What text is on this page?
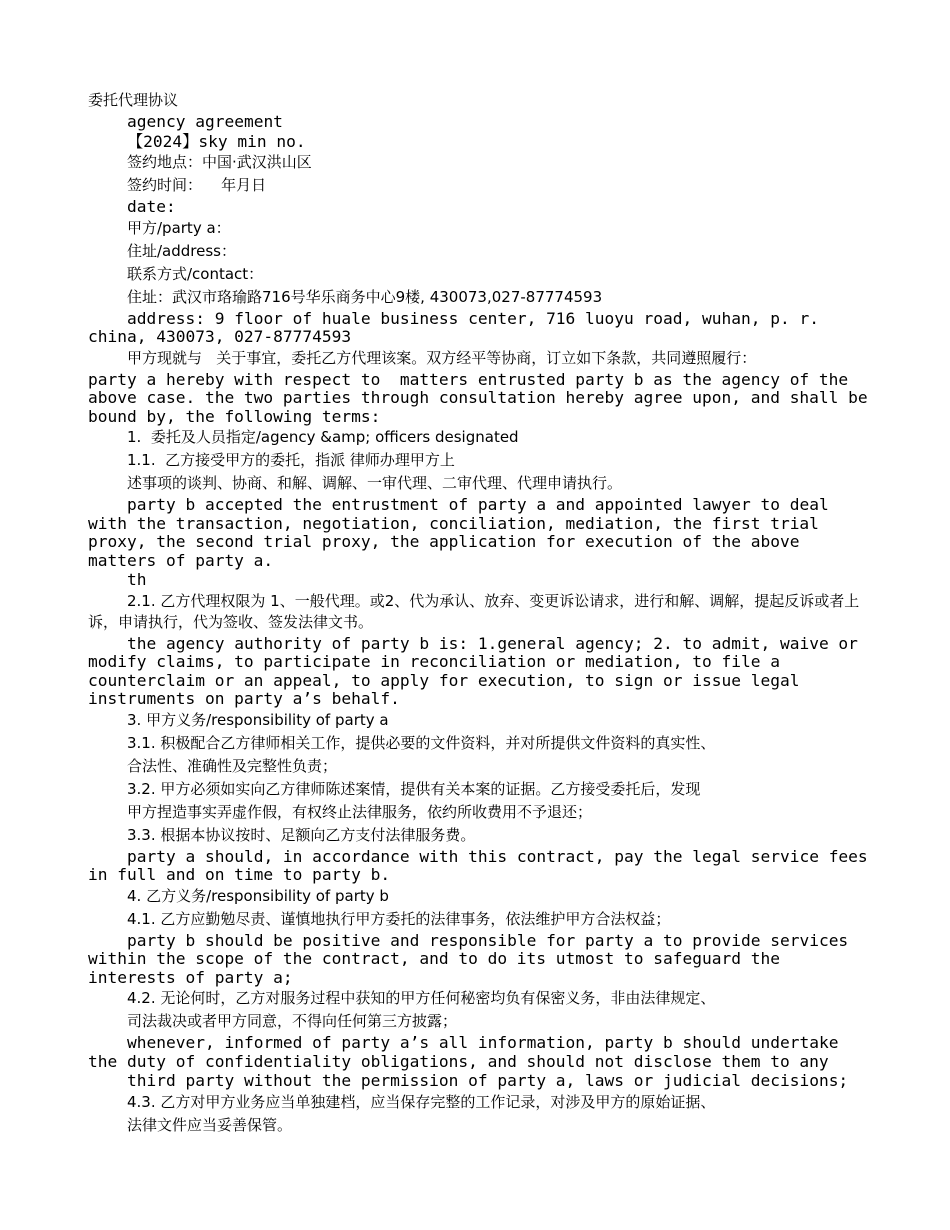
委托代理协议
agency agreement
【2024】sky min no.
签约地点：中国·武汉洪山区
签约时间：    年月日
date:
甲方/party a：
住址/address：
联系方式/contact：
住址：武汉市珞瑜路716号华乐商务中心9楼, 430073,027-87774593
address: 9 floor of huale business center, 716 luoyu road, wuhan, p. r. china, 430073, 027-87774593
甲方现就与   关于事宜，委托乙方代理该案。双方经平等协商，订立如下条款，共同遵照履行：
party a hereby with respect to  matters entrusted party b as the agency of the above case. the two parties through consultation hereby agree upon, and shall be bound by, the following terms:
1.  委托及人员指定/agency &amp; officers designated
1.1.  乙方接受甲方的委托，指派 律师办理甲方上
述事项的谈判、协商、和解、调解、一审代理、二审代理、代理申请执行。
party b accepted the entrustment of party a and appointed lawyer to deal with the transaction, negotiation, conciliation, mediation, the first trial proxy, the second trial proxy, the application for execution of the above matters of party a.
th
2.1. 乙方代理权限为 1、一般代理。或2、代为承认、放弃、变更诉讼请求，进行和解、调解，提起反诉或者上诉，申请执行，代为签收、签发法律文书。
the agency authority of party b is: 1.general agency; 2. to admit, waive or modify claims, to participate in reconciliation or mediation, to file a counterclaim or an appeal, to apply for execution, to sign or issue legal instruments on party a’s behalf.
3. 甲方义务/responsibility of party a
3.1. 积极配合乙方律师相关工作，提供必要的文件资料，并对所提供文件资料的真实性、
合法性、准确性及完整性负责；
3.2. 甲方必须如实向乙方律师陈述案情，提供有关本案的证据。乙方接受委托后，发现
甲方捏造事实弄虚作假，有权终止法律服务，依约所收费用不予退还；
3.3. 根据本协议按时、足额向乙方支付法律服务费。
party a should, in accordance with this contract, pay the legal service fees in full and on time to party b.
4. 乙方义务/responsibility of party b
4.1. 乙方应勤勉尽责、谨慎地执行甲方委托的法律事务，依法维护甲方合法权益；
party b should be positive and responsible for party a to provide services within the scope of the contract, and to do its utmost to safeguard the interests of party a;
4.2. 无论何时，乙方对服务过程中获知的甲方任何秘密均负有保密义务，非由法律规定、
司法裁决或者甲方同意，不得向任何第三方披露；
whenever, informed of party a’s all information, party b should undertake the duty of confidentiality obligations, and should not disclose them to any
third party without the permission of party a, laws or judicial decisions;
4.3. 乙方对甲方业务应当单独建档，应当保存完整的工作记录，对涉及甲方的原始证据、
法律文件应当妥善保管。
